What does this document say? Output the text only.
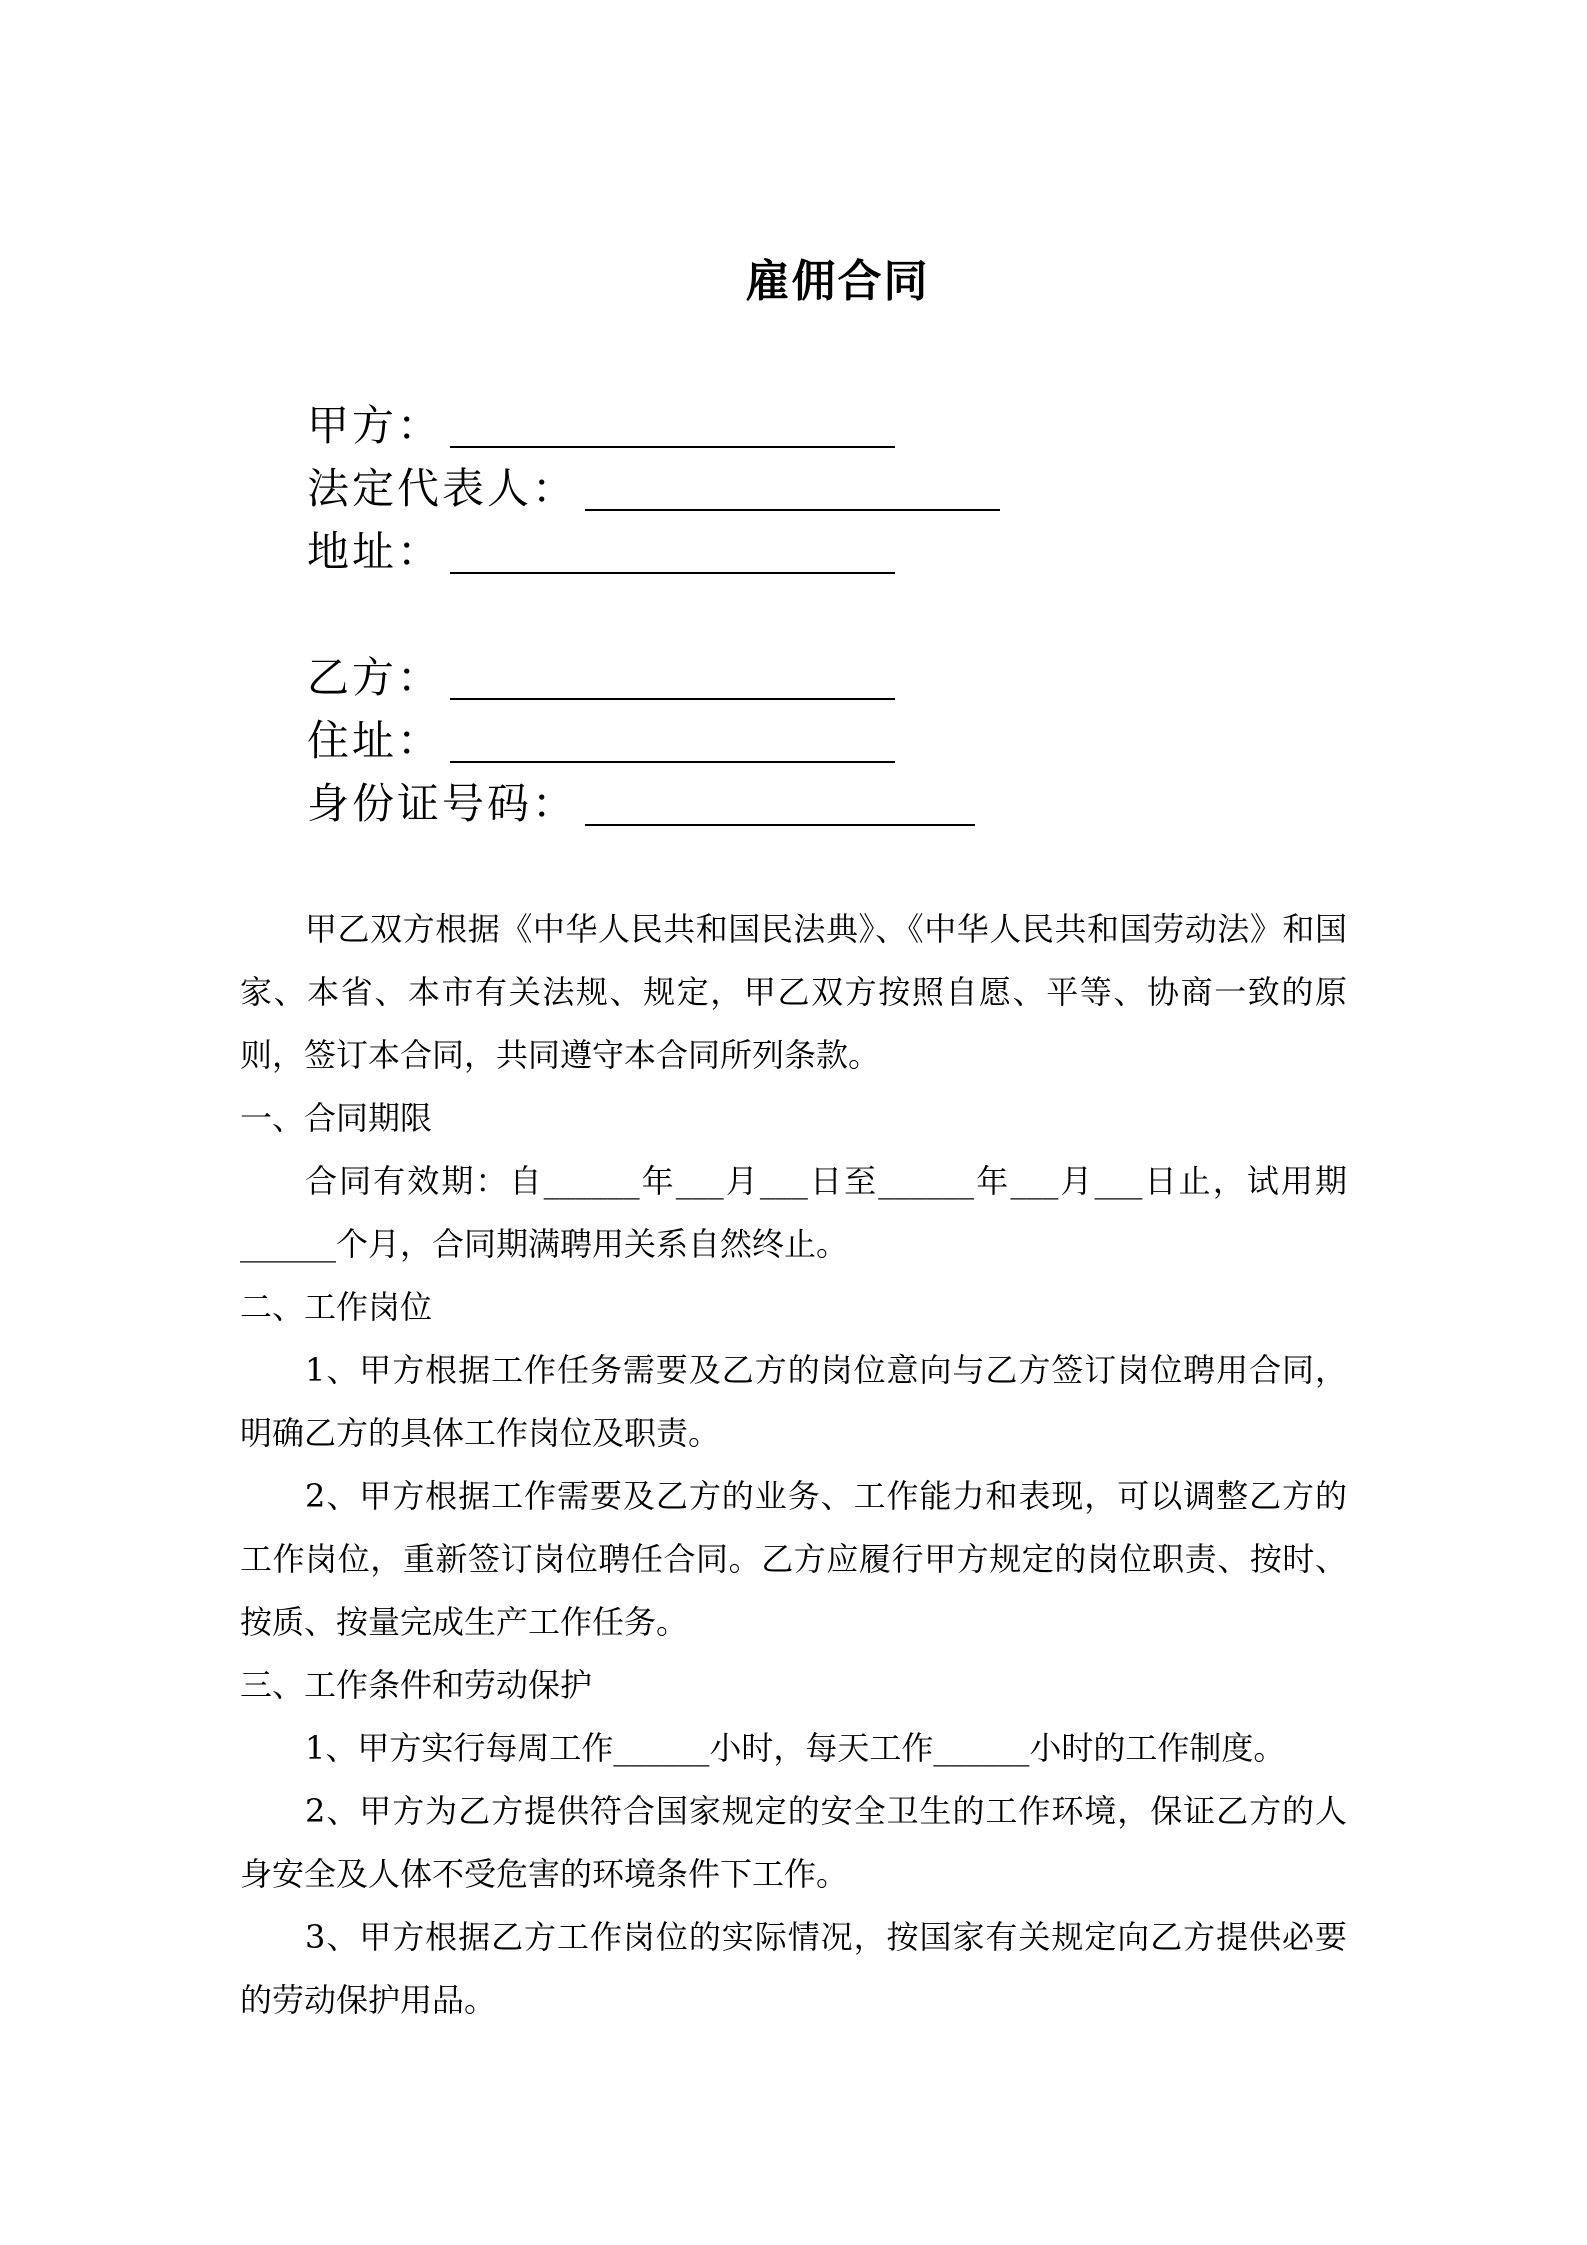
雇佣合同
甲方：
法定代表人：
地址：
乙方：
住址：
身份证号码：

甲乙双方根据《中华人民共和国民法典》、《中华人民共和国劳动法》和国家、本省、本市有关法规、规定，甲乙双方按照自愿、平等、协商一致的原则，签订本合同，共同遵守本合同所列条款。

一、合同期限

合同有效期：自______年___月___日至______年___月___日止，试用期______个月，合同期满聘用关系自然终止。

二、工作岗位

1、甲方根据工作任务需要及乙方的岗位意向与乙方签订岗位聘用合同，明确乙方的具体工作岗位及职责。

2、甲方根据工作需要及乙方的业务、工作能力和表现，可以调整乙方的工作岗位，重新签订岗位聘任合同。乙方应履行甲方规定的岗位职责、按时、按质、按量完成生产工作任务。

三、工作条件和劳动保护

1、甲方实行每周工作______小时，每天工作______小时的工作制度。

2、甲方为乙方提供符合国家规定的安全卫生的工作环境，保证乙方的人身安全及人体不受危害的环境条件下工作。

3、甲方根据乙方工作岗位的实际情况，按国家有关规定向乙方提供必要的劳动保护用品。
